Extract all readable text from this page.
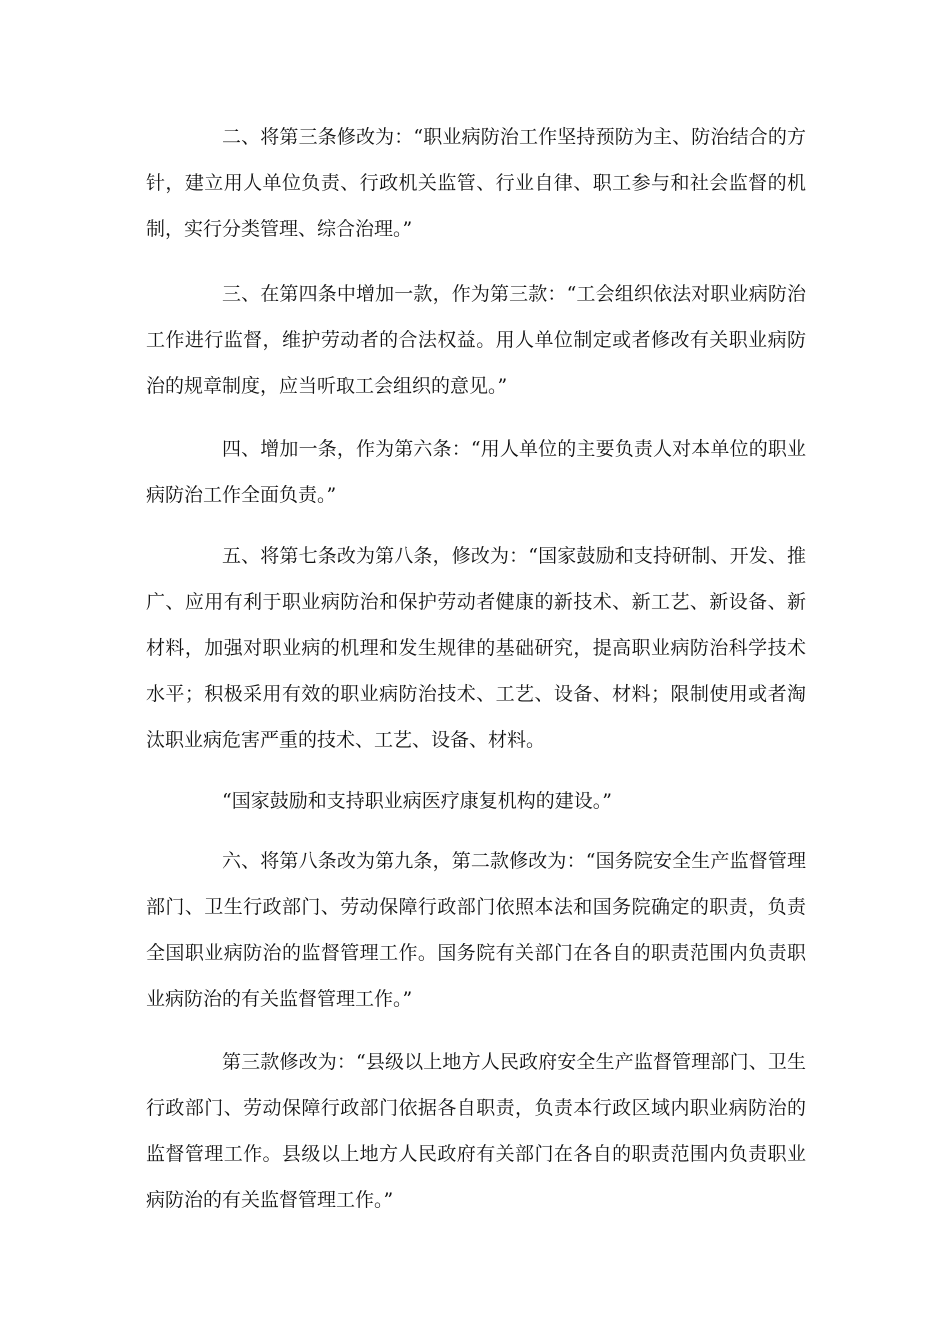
二、将第三条修改为：“职业病防治工作坚持预防为主、防治结合的方针，建立用人单位负责、行政机关监管、行业自律、职工参与和社会监督的机制，实行分类管理、综合治理。”

三、在第四条中增加一款，作为第三款：“工会组织依法对职业病防治工作进行监督，维护劳动者的合法权益。用人单位制定或者修改有关职业病防治的规章制度，应当听取工会组织的意见。”

四、增加一条，作为第六条：“用人单位的主要负责人对本单位的职业病防治工作全面负责。”

五、将第七条改为第八条，修改为：“国家鼓励和支持研制、开发、推广、应用有利于职业病防治和保护劳动者健康的新技术、新工艺、新设备、新材料，加强对职业病的机理和发生规律的基础研究，提高职业病防治科学技术水平；积极采用有效的职业病防治技术、工艺、设备、材料；限制使用或者淘汰职业病危害严重的技术、工艺、设备、材料。

“国家鼓励和支持职业病医疗康复机构的建设。”

六、将第八条改为第九条，第二款修改为：“国务院安全生产监督管理部门、卫生行政部门、劳动保障行政部门依照本法和国务院确定的职责，负责全国职业病防治的监督管理工作。国务院有关部门在各自的职责范围内负责职业病防治的有关监督管理工作。”

第三款修改为：“县级以上地方人民政府安全生产监督管理部门、卫生行政部门、劳动保障行政部门依据各自职责，负责本行政区域内职业病防治的监督管理工作。县级以上地方人民政府有关部门在各自的职责范围内负责职业病防治的有关监督管理工作。”
